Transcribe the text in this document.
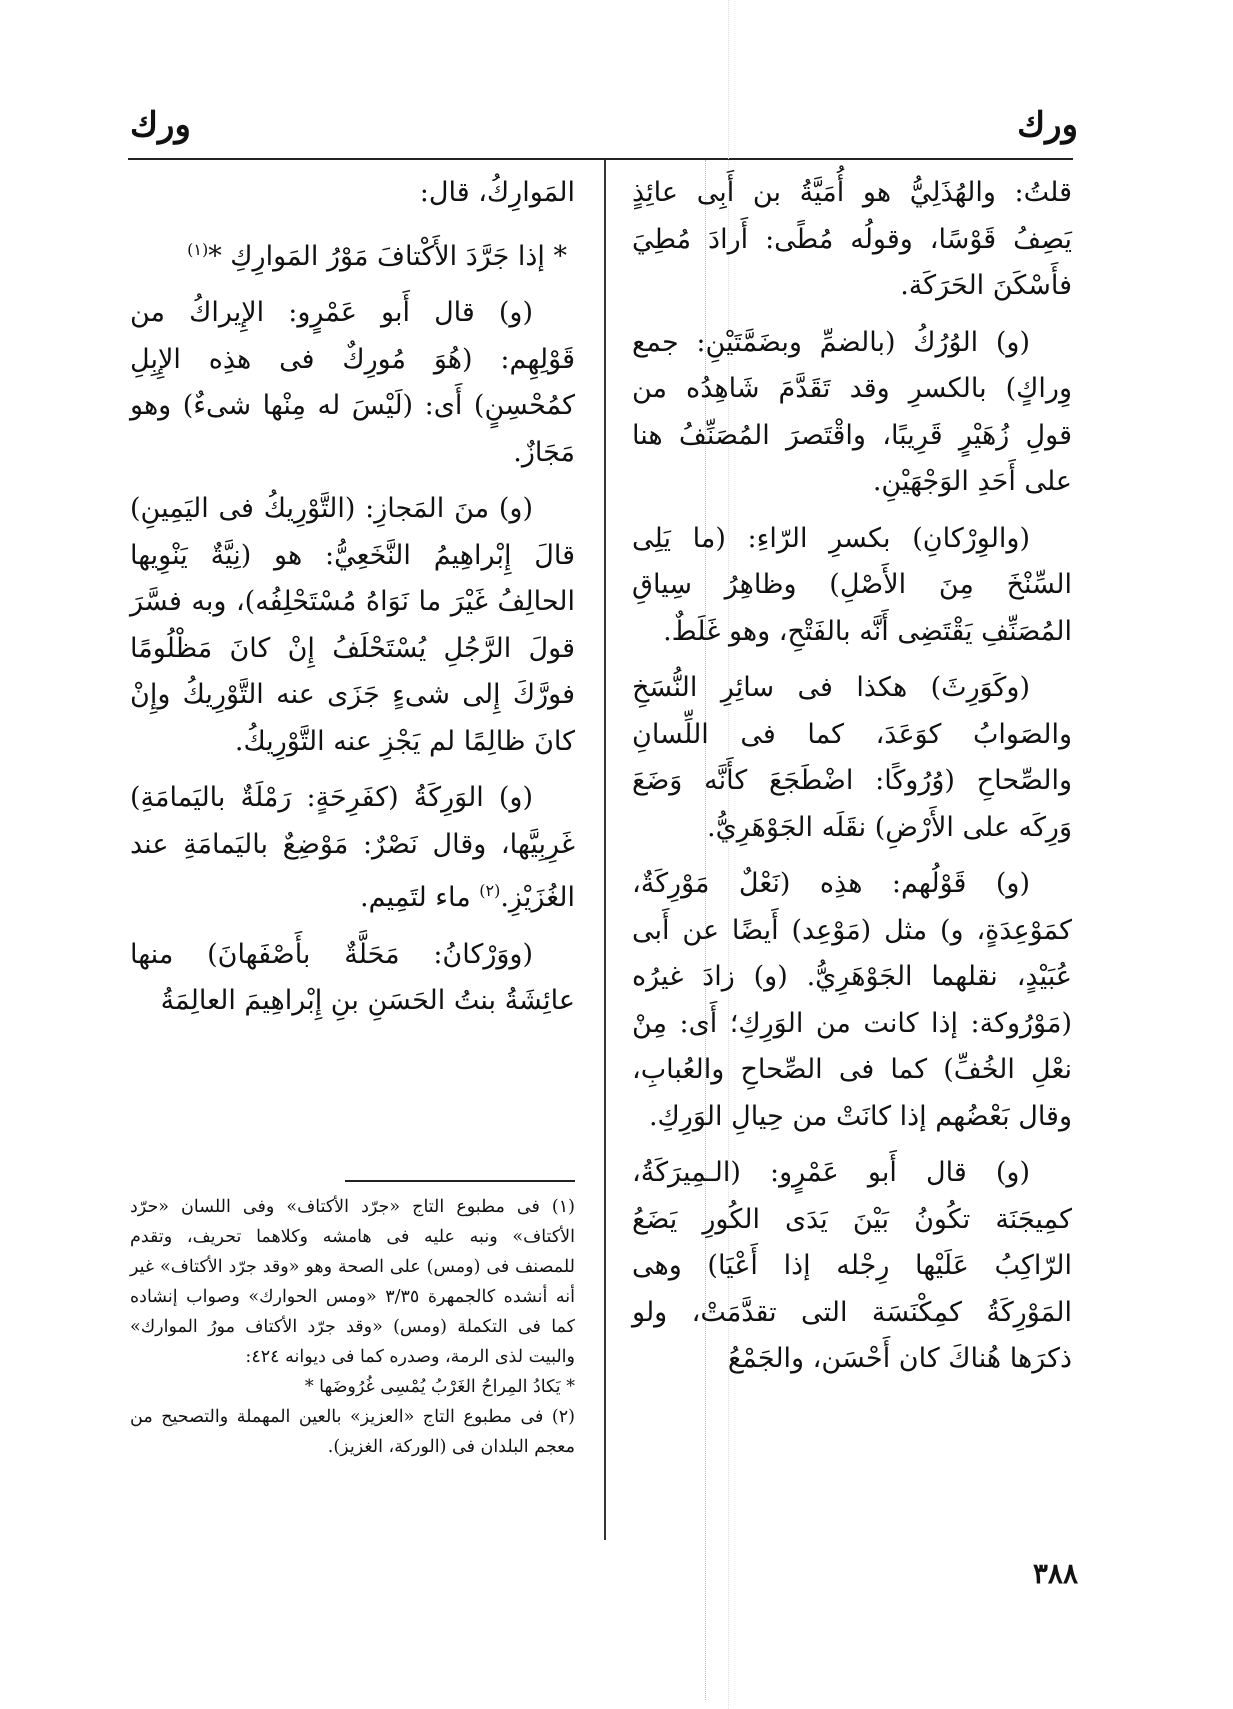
ورك
ورك

قلتُ: والهُذَلِيُّ هو أُمَيَّةُ بن أَبِى عائِذٍ يَصِفُ قَوْسًا، وقولُه مُطًى: أَرادَ مُطِيَ فأَسْكَنَ الحَرَكَة.

(و) الوُرُكُ (بالضمِّ وبضَمَّتَيْنِ: جمع وِراكٍ) بالكسرِ وقد تَقَدَّمَ شَاهِدُه من قولِ زُهَيْرٍ قَرِيبًا، واقْتَصرَ المُصَنِّفُ هنا على أَحَدِ الوَجْهَيْنِ.

(والوِرْكانِ) بكسرِ الرّاءِ: (ما يَلِى السِّنْخَ مِنَ الأَصْلِ) وظاهِرُ سِياقِ المُصَنِّفِ يَقْتَضِى أَنَّه بالفَتْحِ، وهو غَلَطٌ.

(وكَوَرِثَ) هكذا فى سائِرِ النُّسَخِ والصَوابُ كوَعَدَ، كما فى اللِّسانِ والصِّحاحِ (وُرُوكًا: اضْطَجَعَ كأَنَّه وَضَعَ وَرِكَه على الأَرْضِ) نقَلَه الجَوْهَرِيُّ.

(و) قَوْلُهم: هذِه (نَعْلٌ مَوْرِكَةٌ، كمَوْعِدَةٍ، و) مثل (مَوْعِد) أَيضًا عن أَبى عُبَيْدٍ، نقلهما الجَوْهَرِيُّ. (و) زادَ غيرُه (مَوْرُوكة: إذا كانت من الوَرِكِ؛ أَى: مِنْ نعْلِ الخُفِّ) كما فى الصِّحاحِ والعُبابِ، وقال بَعْضُهم إذا كانَتْ من حِيالِ الوَرِكِ.

(و) قال أَبو عَمْرٍو: (الـمِيرَكَةُ، كمِيجَنَة تكُونُ بَيْنَ يَدَى الكُورِ يَضَعُ الرّاكِبُ عَلَيْها رِجْله إذا أَعْيَا) وهى المَوْرِكَةُ كمِكْنَسَة التى تقدَّمَتْ، ولو ذكرَها هُناكَ كان أَحْسَن، والجَمْعُ

المَوارِكُ، قال:

* إذا جَرَّدَ الأَكْتافَ مَوْرُ المَوارِكِ *$^{(١)}$

(و) قال أَبو عَمْرٍو: الإِيراكُ من قَوْلِهِم: (هُوَ مُورِكٌ فى هذِه الإِبِلِ كمُحْسِنٍ) أَى: (لَيْسَ له مِنْها شىءٌ) وهو مَجَازٌ.

(و) منَ المَجازِ: (التَّوْرِيكُ فى اليَمِينِ) قالَ إِبْراهِيمُ النَّخَعِيُّ: هو (نِيَّةٌ يَنْوِيها الحالِفُ غَيْرَ ما نَوَاهُ مُسْتَحْلِفُه)، وبه فسَّرَ قولَ الرَّجُلِ يُسْتَحْلَفُ إِنْ كانَ مَظْلُومًا فورَّكَ إِلى شىءٍ جَزَى عنه التَّوْرِيكُ وإِنْ كانَ ظالِمًا لم يَجْزِ عنه التَّوْرِيكُ.

(و) الوَرِكَةُ (كفَرِحَةٍ: رَمْلَةٌ باليَمامَةِ) غَرِبِيَّها، وقال نَصْرٌ: مَوْضِعٌ باليَمامَةِ عند الغُزَيْزِ.$^{(٢)}$ ماء لتَمِيم.

(ووَرْكانُ: مَحَلَّةٌ بأَصْفَهانَ) منها عائِشَةُ بنتُ الحَسَنِ بنِ إِبْراهِيمَ العالِمَةُ

(١) فى مطبوع التاج «جرّد الأكتاف» وفى اللسان «حرّد الأكتاف» ونبه عليه فى هامشه وكلاهما تحريف، وتقدم للمصنف فى (ومس) على الصحة وهو «وقد جرّد الأكتاف» غير أنه أنشده كالجمهرة ٣/٣٥ «ومس الحوارك» وصواب إنشاده كما فى التكملة (ومس) «وقد جرّد الأكتاف مورُ الموارك» والبيت لذى الرمة، وصدره كما فى ديوانه ٤٢٤:

* يَكادُ المِراحُ الغَرْبُ يُمْسِى غُرُوضَها *

(٢) فى مطبوع التاج «العزيز» بالعين المهملة والتصحيح من معجم البلدان فى (الوركة، الغزيز).

٣٨٨
